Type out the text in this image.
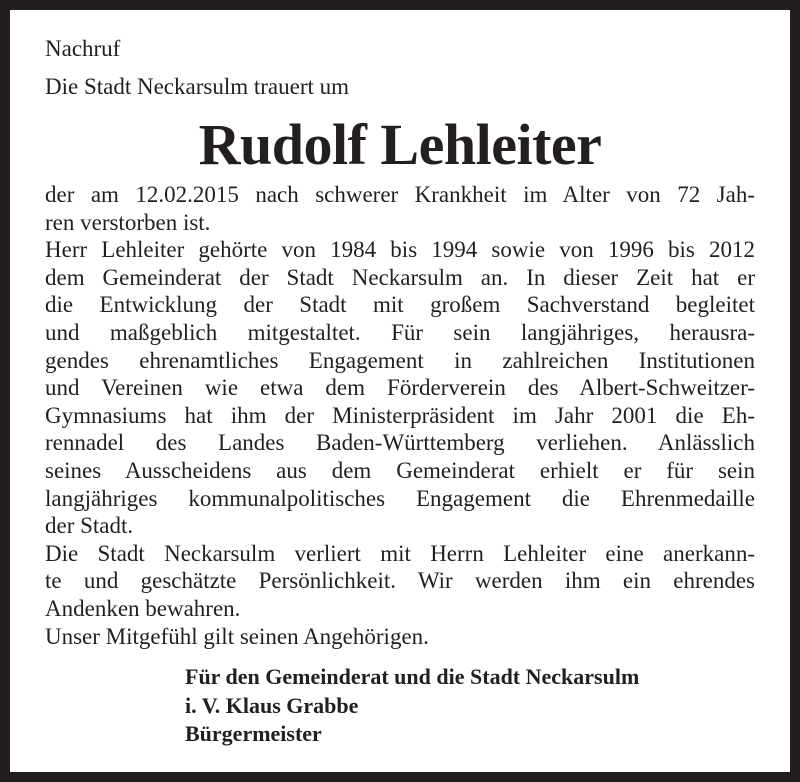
Nachruf
Die Stadt Neckarsulm trauert um
Rudolf Lehleiter
der am 12.02.2015 nach schwerer Krankheit im Alter von 72 Jah-
ren verstorben ist.
Herr Lehleiter gehörte von 1984 bis 1994 sowie von 1996 bis 2012
dem Gemeinderat der Stadt Neckarsulm an. In dieser Zeit hat er
die Entwicklung der Stadt mit großem Sachverstand begleitet
und maßgeblich mitgestaltet. Für sein langjähriges, herausra-
gendes ehrenamtliches Engagement in zahlreichen Institutionen
und Vereinen wie etwa dem Förderverein des Albert-Schweitzer-
Gymnasiums hat ihm der Ministerpräsident im Jahr 2001 die Eh-
rennadel des Landes Baden-Württemberg verliehen. Anlässlich
seines Ausscheidens aus dem Gemeinderat erhielt er für sein
langjähriges kommunalpolitisches Engagement die Ehrenmedaille
der Stadt.
Die Stadt Neckarsulm verliert mit Herrn Lehleiter eine anerkann-
te und geschätzte Persönlichkeit. Wir werden ihm ein ehrendes
Andenken bewahren.
Unser Mitgefühl gilt seinen Angehörigen.
Für den Gemeinderat und die Stadt Neckarsulm
i. V. Klaus Grabbe
Bürgermeister
